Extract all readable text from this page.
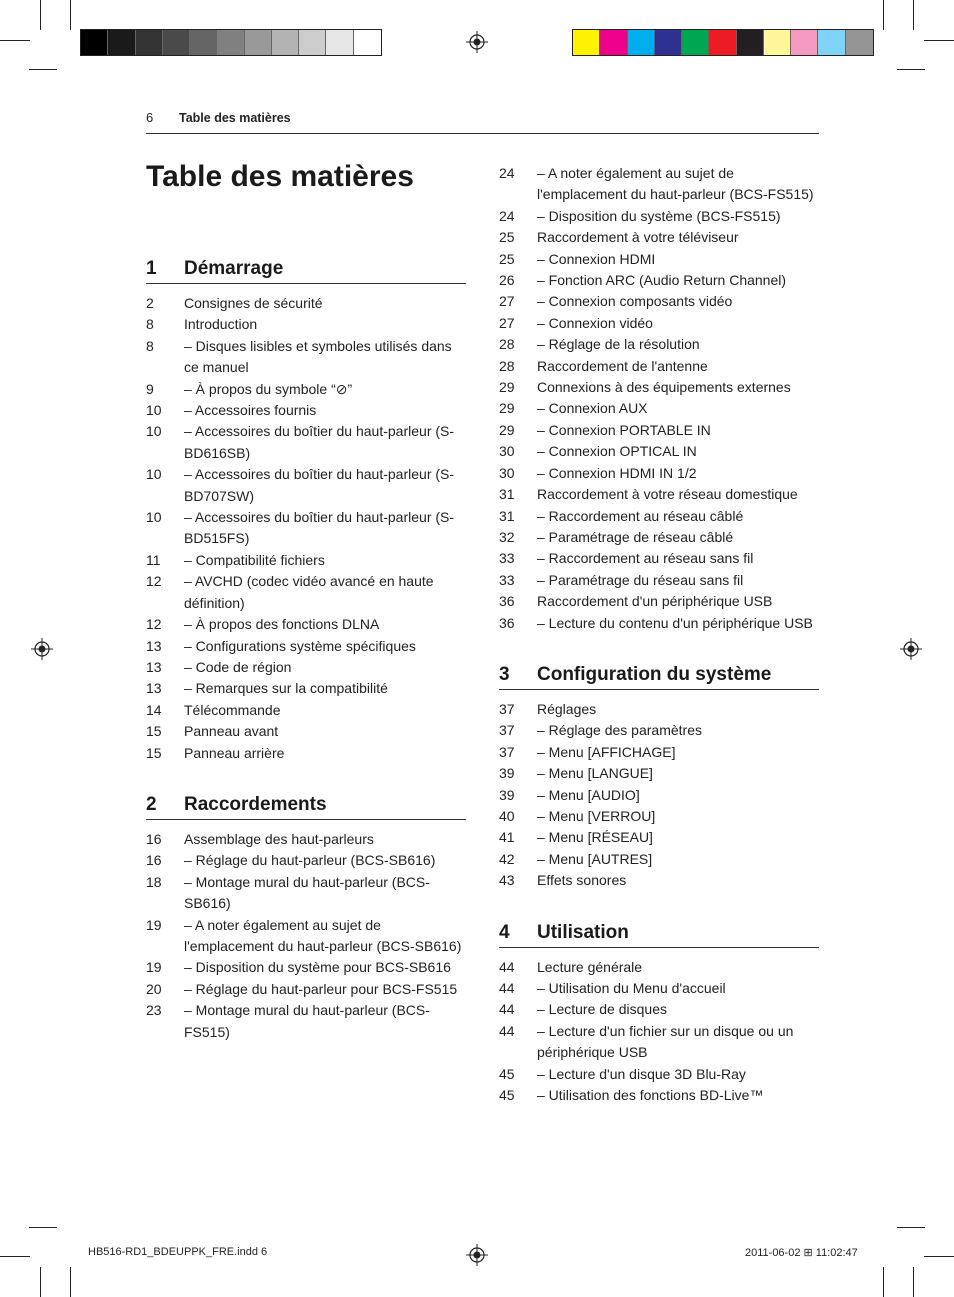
6 Table des matières
Table des matières
1	Démarrage
2	Consignes de sécurité
8	Introduction
8	– Disques lisibles et symboles utilisés dans ce manuel
9	– À propos du symbole “⊘”
10	– Accessoires fournis
10	– Accessoires du boîtier du haut-parleur (S-BD616SB)
10	– Accessoires du boîtier du haut-parleur (S-BD707SW)
10	– Accessoires du boîtier du haut-parleur (S-BD515FS)
11	– Compatibilité fichiers
12	– AVCHD (codec vidéo avancé en haute définition)
12	– À propos des fonctions DLNA
13	– Configurations système spécifiques
13	– Code de région
13	– Remarques sur la compatibilité
14	Télécommande
15	Panneau avant
15	Panneau arrière
2	Raccordements
16	Assemblage des haut-parleurs
16	– Réglage du haut-parleur (BCS-SB616)
18	– Montage mural du haut-parleur (BCS-SB616)
19	– A noter également au sujet de l'emplacement du haut-parleur (BCS-SB616)
19	– Disposition du système pour BCS-SB616
20	– Réglage du haut-parleur pour BCS-FS515
23	– Montage mural du haut-parleur (BCS-FS515)
24	– A noter également au sujet de l'emplacement du haut-parleur (BCS-FS515)
24	– Disposition du système (BCS-FS515)
25	Raccordement à votre téléviseur
25	– Connexion HDMI
26	– Fonction ARC (Audio Return Channel)
27	– Connexion composants vidéo
27	– Connexion vidéo
28	– Réglage de la résolution
28	Raccordement de l'antenne
29	Connexions à des équipements externes
29	– Connexion AUX
29	– Connexion PORTABLE IN
30	– Connexion OPTICAL IN
30	– Connexion HDMI IN 1/2
31	Raccordement à votre réseau domestique
31	– Raccordement au réseau câblé
32	– Paramétrage de réseau câblé
33	– Raccordement au réseau sans fil
33	– Paramétrage du réseau sans fil
36	Raccordement d'un périphérique USB
36	– Lecture du contenu d'un périphérique USB
3	Configuration du système
37	Réglages
37	– Réglage des paramètres
37	– Menu [AFFICHAGE]
39	– Menu [LANGUE]
39	– Menu [AUDIO]
40	– Menu [VERROU]
41	– Menu [RÉSEAU]
42	– Menu [AUTRES]
43	Effets sonores
4	Utilisation
44	Lecture générale
44	– Utilisation du Menu d'accueil
44	– Lecture de disques
44	– Lecture d'un fichier sur un disque ou un périphérique USB
45	– Lecture d'un disque 3D Blu-Ray
45	– Utilisation des fonctions BD-Live™
HB516-RD1_BDEUPPK_FRE.indd 6	2011-06-02 ⊞ 11:02:47
